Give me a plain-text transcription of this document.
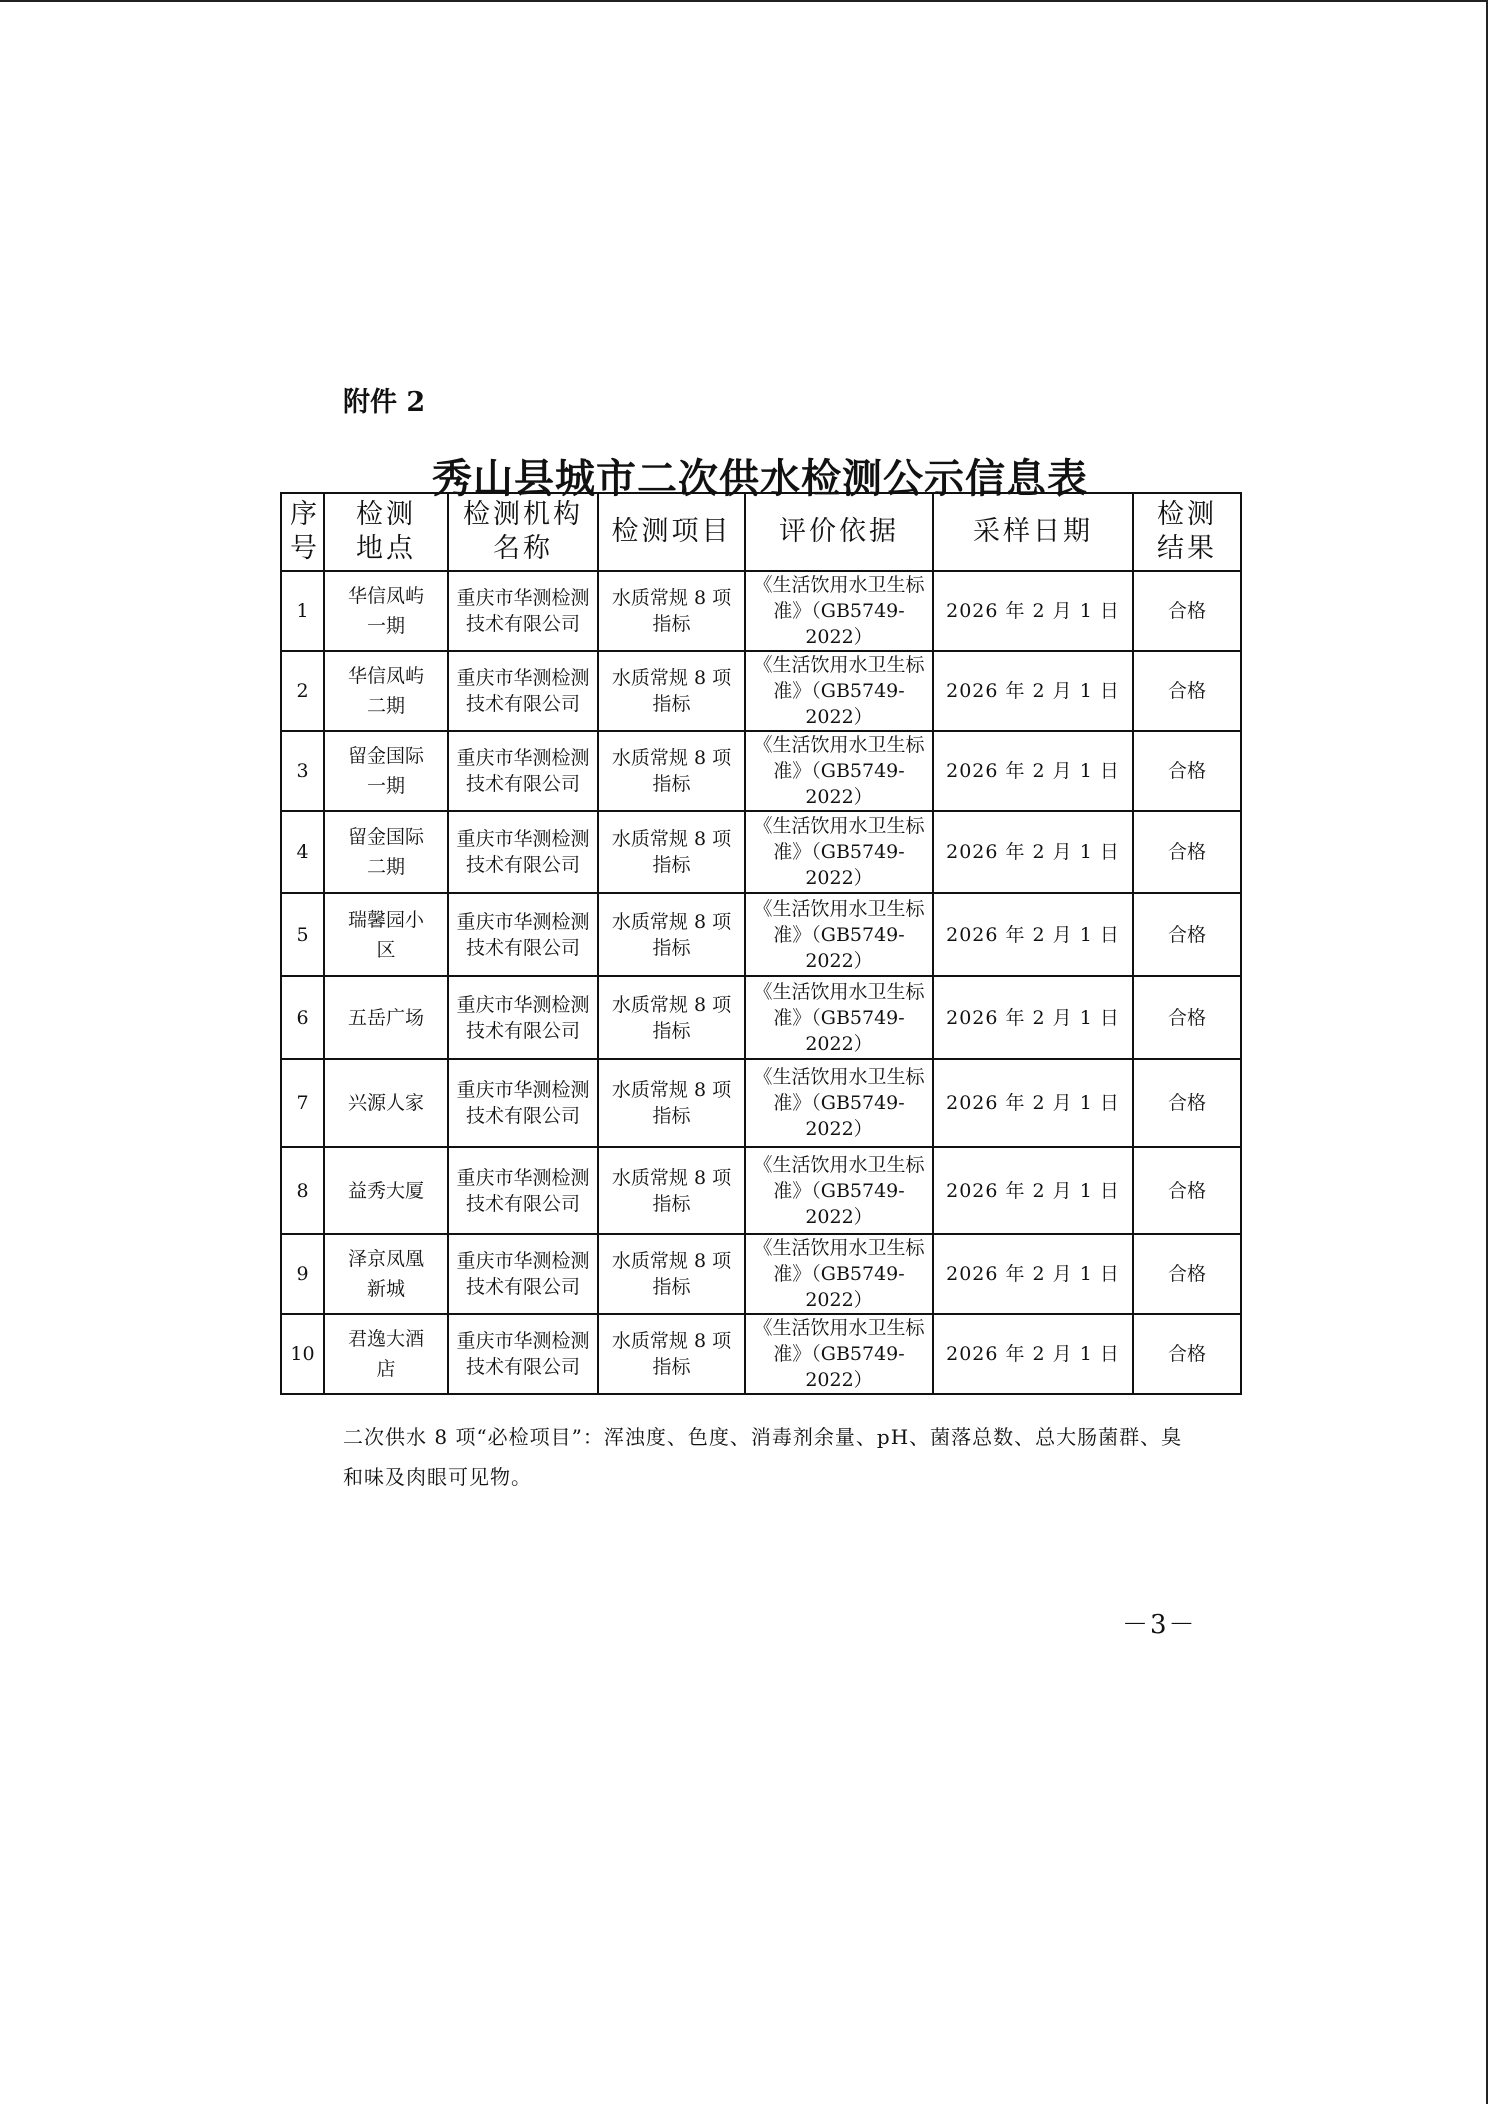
附件 2
秀山县城市二次供水检测公示信息表
序号	检测地点	检测机构名称	检测项目	评价依据	采样日期	检测结果
1	华信凤屿一期	重庆市华测检测技术有限公司	水质常规 8 项指标	《生活饮用水卫生标准》（GB5749-2022）	2026 年 2 月 1 日	合格
2	华信凤屿二期	重庆市华测检测技术有限公司	水质常规 8 项指标	《生活饮用水卫生标准》（GB5749-2022）	2026 年 2 月 1 日	合格
3	留金国际一期	重庆市华测检测技术有限公司	水质常规 8 项指标	《生活饮用水卫生标准》（GB5749-2022）	2026 年 2 月 1 日	合格
4	留金国际二期	重庆市华测检测技术有限公司	水质常规 8 项指标	《生活饮用水卫生标准》（GB5749-2022）	2026 年 2 月 1 日	合格
5	瑞馨园小区	重庆市华测检测技术有限公司	水质常规 8 项指标	《生活饮用水卫生标准》（GB5749-2022）	2026 年 2 月 1 日	合格
6	五岳广场	重庆市华测检测技术有限公司	水质常规 8 项指标	《生活饮用水卫生标准》（GB5749-2022）	2026 年 2 月 1 日	合格
7	兴源人家	重庆市华测检测技术有限公司	水质常规 8 项指标	《生活饮用水卫生标准》（GB5749-2022）	2026 年 2 月 1 日	合格
8	益秀大厦	重庆市华测检测技术有限公司	水质常规 8 项指标	《生活饮用水卫生标准》（GB5749-2022）	2026 年 2 月 1 日	合格
9	泽京凤凰新城	重庆市华测检测技术有限公司	水质常规 8 项指标	《生活饮用水卫生标准》（GB5749-2022）	2026 年 2 月 1 日	合格
10	君逸大酒店	重庆市华测检测技术有限公司	水质常规 8 项指标	《生活饮用水卫生标准》（GB5749-2022）	2026 年 2 月 1 日	合格
二次供水 8 项“必检项目”：浑浊度、色度、消毒剂余量、pH、菌落总数、总大肠菌群、臭和味及肉眼可见物。
－3－
